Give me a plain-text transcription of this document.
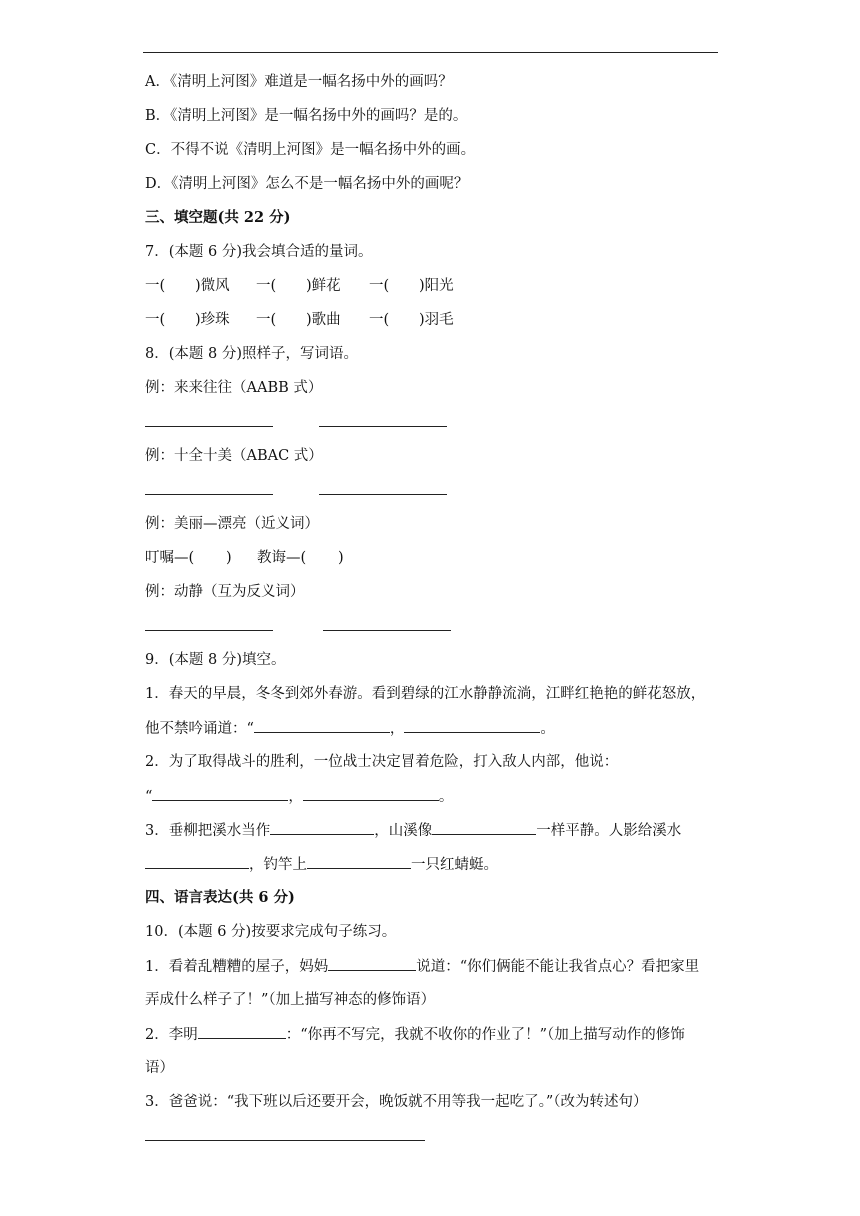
A．《清明上河图》难道是一幅名扬中外的画吗？
B．《清明上河图》是一幅名扬中外的画吗？是的。
C．不得不说《清明上河图》是一幅名扬中外的画。
D．《清明上河图》怎么不是一幅名扬中外的画呢？
三、填空题(共 22 分)
7．(本题 6 分)我会填合适的量词。
一( )微风 一( )鲜花 一( )阳光
一( )珍珠 一( )歌曲 一( )羽毛
8．(本题 8 分)照样子，写词语。
例：来来往往（AABB 式）
例：十全十美（ABAC 式）
例：美丽—漂亮（近义词）
叮嘱—( ) 教诲—( )
例：动静（互为反义词）
9．(本题 8 分)填空。
1．春天的早晨，冬冬到郊外春游。看到碧绿的江水静静流淌，江畔红艳艳的鲜花怒放，
他不禁吟诵道：“	，	。
2．为了取得战斗的胜利，一位战士决定冒着危险，打入敌人内部，他说：
“	，	。
3．垂柳把溪水当作	，山溪像	一样平静。人影给溪水
，钓竿上	一只红蜻蜓。
四、语言表达(共 6 分)
10．(本题 6 分)按要求完成句子练习。
1．看着乱糟糟的屋子，妈妈	说道：“你们俩能不能让我省点心？看把家里
弄成什么样子了！”（加上描写神态的修饰语）
2．李明	：“你再不写完，我就不收你的作业了！”（加上描写动作的修饰
语）
3．爸爸说：“我下班以后还要开会，晚饭就不用等我一起吃了。”（改为转述句）
